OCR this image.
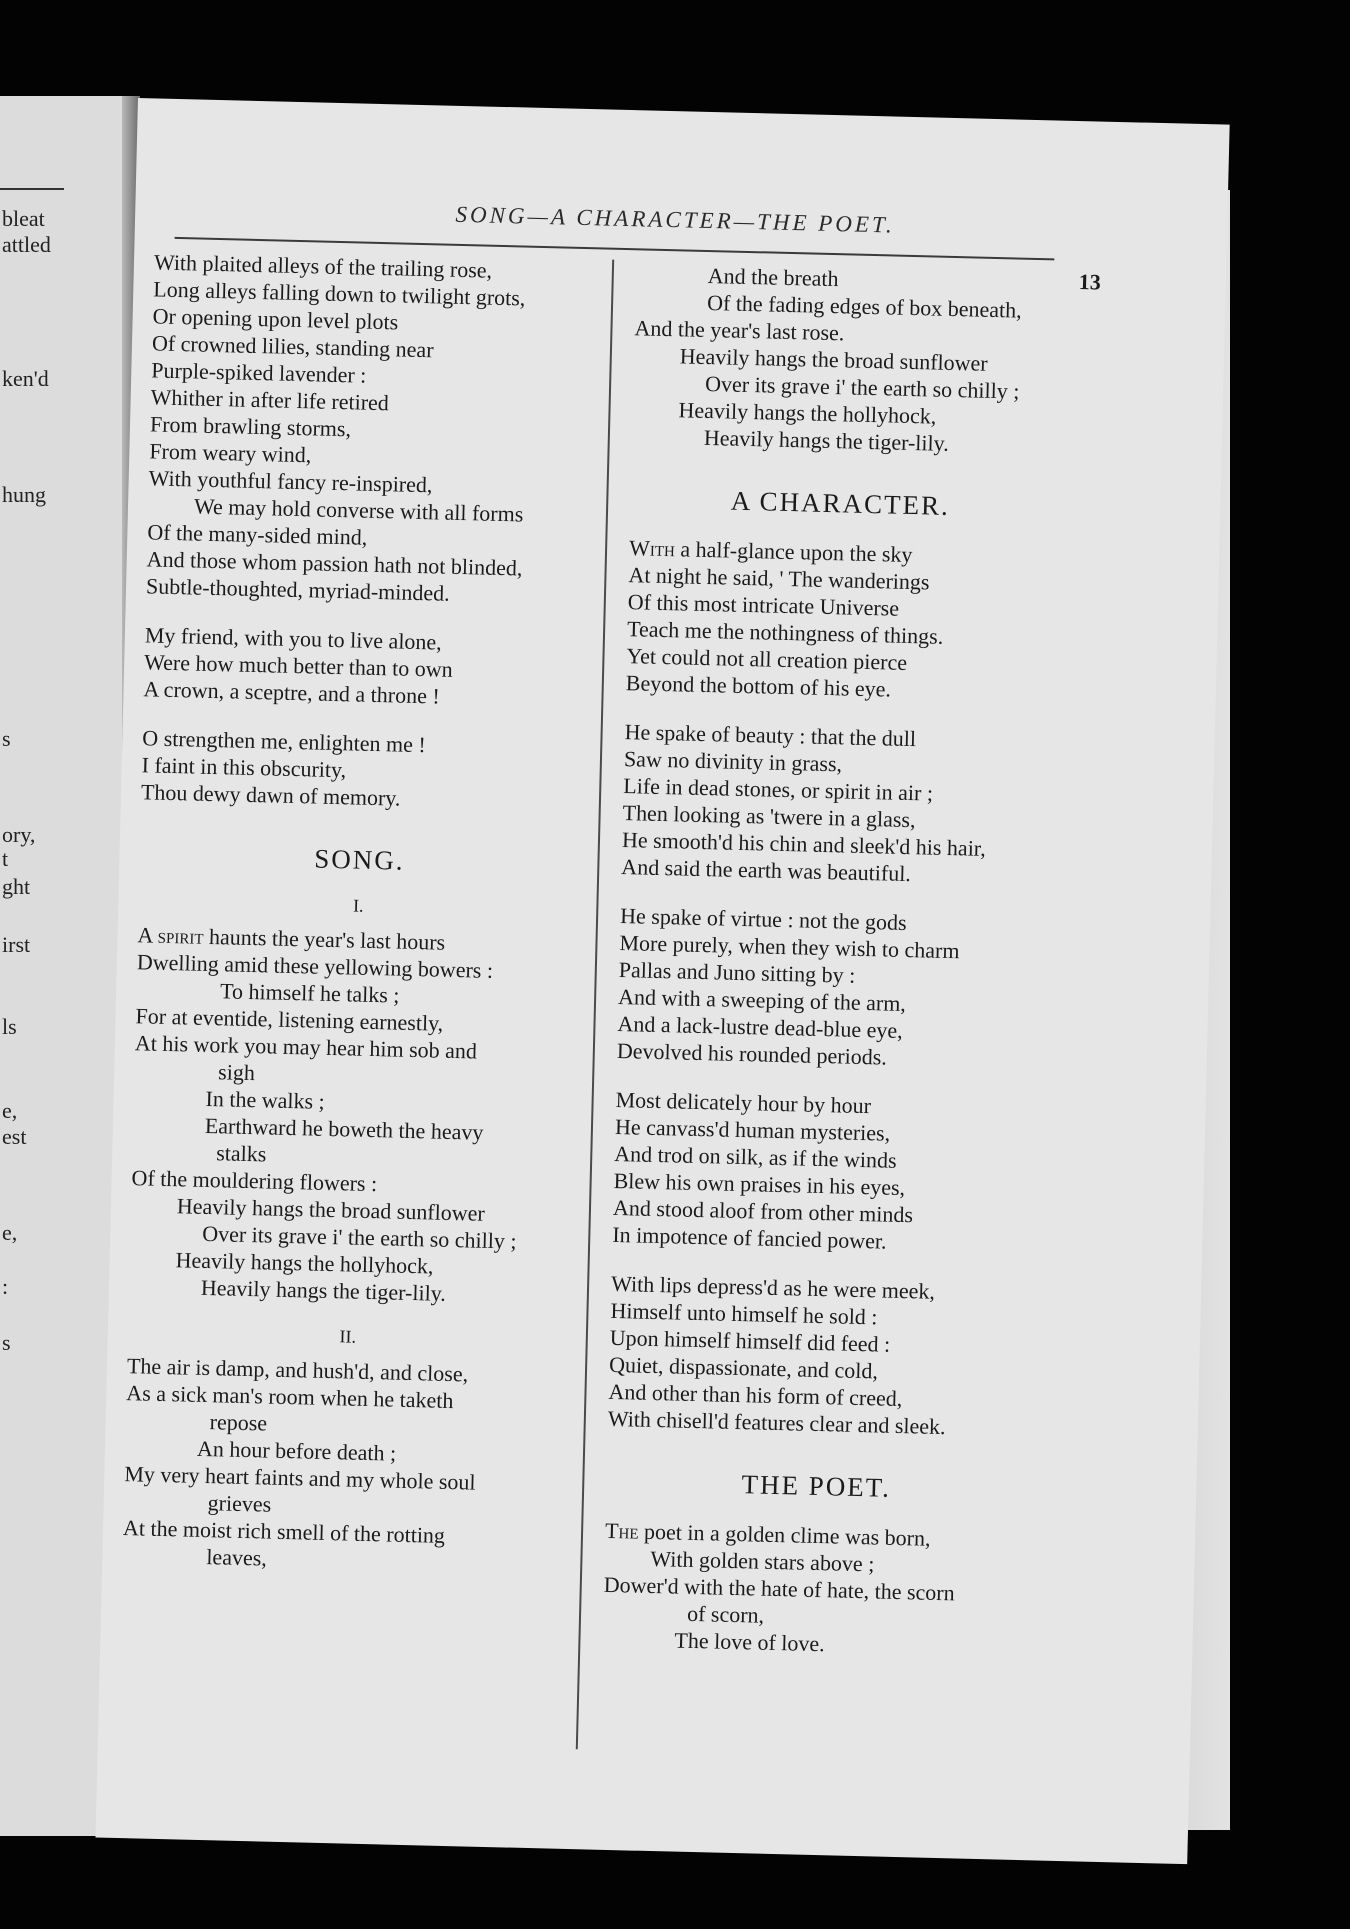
bleat
attled
ken'd
hung
s
ory,
t
ght
irst
ls
e,
est
e,
:
s
SONG—A CHARACTER—THE POET.
13
With plaited alleys of the trailing rose,
Long alleys falling down to twilight grots,
Or opening upon level plots
Of crowned lilies, standing near
Purple-spiked lavender :
Whither in after life retired
From brawling storms,
From weary wind,
With youthful fancy re-inspired,
We may hold converse with all forms
Of the many-sided mind,
And those whom passion hath not blinded,
Subtle-thoughted, myriad-minded.
My friend, with you to live alone,
Were how much better than to own
A crown, a sceptre, and a throne !
O strengthen me, enlighten me !
I faint in this obscurity,
Thou dewy dawn of memory.
SONG.
I.
A spirit haunts the year's last hours
Dwelling amid these yellowing bowers :
To himself he talks ;
For at eventide, listening earnestly,
At his work you may hear him sob and
sigh
In the walks ;
Earthward he boweth the heavy
stalks
Of the mouldering flowers :
Heavily hangs the broad sunflower
Over its grave i' the earth so chilly ;
Heavily hangs the hollyhock,
Heavily hangs the tiger-lily.
II.
The air is damp, and hush'd, and close,
As a sick man's room when he taketh
repose
An hour before death ;
My very heart faints and my whole soul
grieves
At the moist rich smell of the rotting
leaves,
And the breath
Of the fading edges of box beneath,
And the year's last rose.
Heavily hangs the broad sunflower
Over its grave i' the earth so chilly ;
Heavily hangs the hollyhock,
Heavily hangs the tiger-lily.
A CHARACTER.
With a half-glance upon the sky
At night he said, ' The wanderings
Of this most intricate Universe
Teach me the nothingness of things.
Yet could not all creation pierce
Beyond the bottom of his eye.
He spake of beauty : that the dull
Saw no divinity in grass,
Life in dead stones, or spirit in air ;
Then looking as 'twere in a glass,
He smooth'd his chin and sleek'd his hair,
And said the earth was beautiful.
He spake of virtue : not the gods
More purely, when they wish to charm
Pallas and Juno sitting by :
And with a sweeping of the arm,
And a lack-lustre dead-blue eye,
Devolved his rounded periods.
Most delicately hour by hour
He canvass'd human mysteries,
And trod on silk, as if the winds
Blew his own praises in his eyes,
And stood aloof from other minds
In impotence of fancied power.
With lips depress'd as he were meek,
Himself unto himself he sold :
Upon himself himself did feed :
Quiet, dispassionate, and cold,
And other than his form of creed,
With chisell'd features clear and sleek.
THE POET.
The poet in a golden clime was born,
With golden stars above ;
Dower'd with the hate of hate, the scorn
of scorn,
The love of love.
